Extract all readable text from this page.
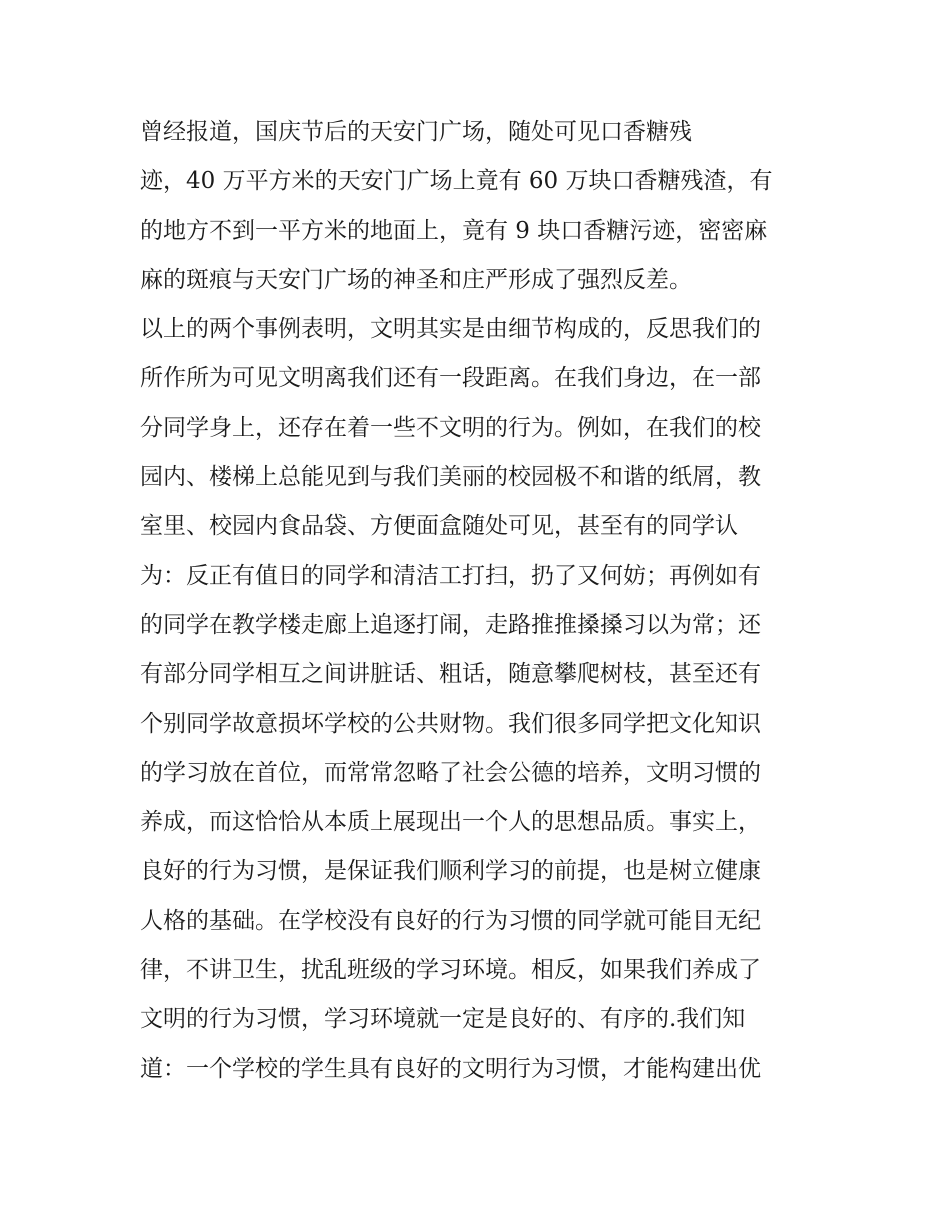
曾经报道，国庆节后的天安门广场，随处可见口香糖残
迹，40 万平方米的天安门广场上竟有 60 万块口香糖残渣，有
的地方不到一平方米的地面上，竟有 9 块口香糖污迹，密密麻
麻的斑痕与天安门广场的神圣和庄严形成了强烈反差。
以上的两个事例表明，文明其实是由细节构成的，反思我们的
所作所为可见文明离我们还有一段距离。在我们身边，在一部
分同学身上，还存在着一些不文明的行为。例如，在我们的校
园内、楼梯上总能见到与我们美丽的校园极不和谐的纸屑，教
室里、校园内食品袋、方便面盒随处可见，甚至有的同学认
为：反正有值日的同学和清洁工打扫，扔了又何妨；再例如有
的同学在教学楼走廊上追逐打闹，走路推推搡搡习以为常；还
有部分同学相互之间讲脏话、粗话，随意攀爬树枝，甚至还有
个别同学故意损坏学校的公共财物。我们很多同学把文化知识
的学习放在首位，而常常忽略了社会公德的培养，文明习惯的
养成，而这恰恰从本质上展现出一个人的思想品质。事实上，
良好的行为习惯，是保证我们顺利学习的前提，也是树立健康
人格的基础。在学校没有良好的行为习惯的同学就可能目无纪
律，不讲卫生，扰乱班级的学习环境。相反，如果我们养成了
文明的行为习惯，学习环境就一定是良好的、有序的.我们知
道：一个学校的学生具有良好的文明行为习惯，才能构建出优
